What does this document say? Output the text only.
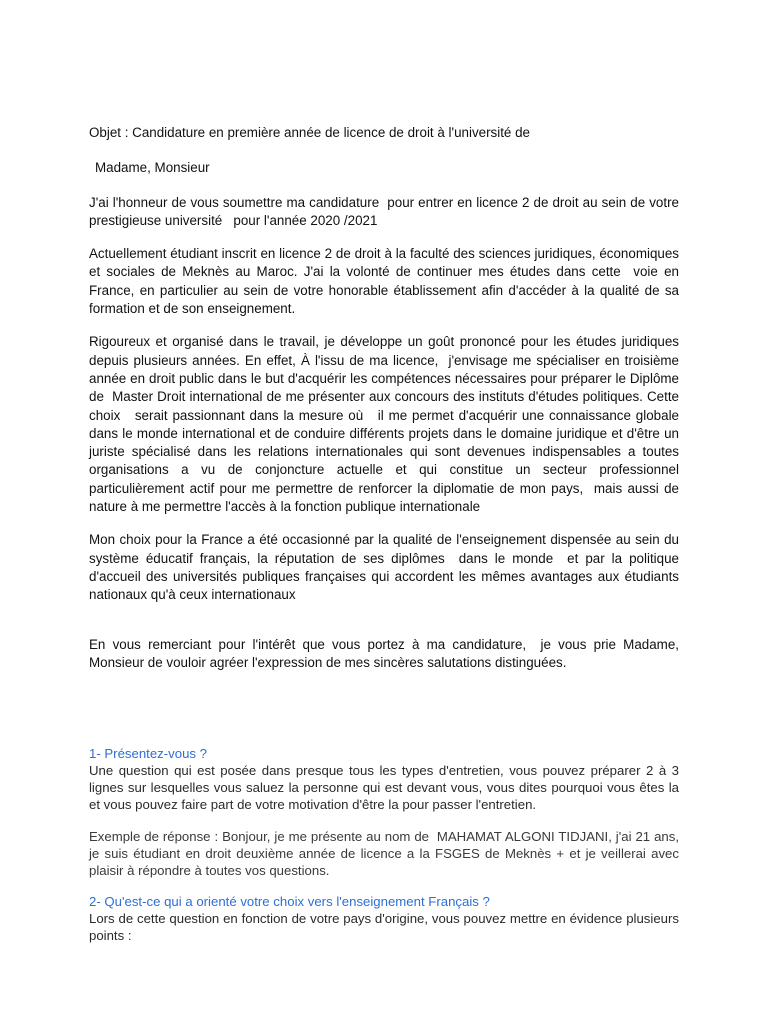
Objet : Candidature en première année de licence de droit à l'université de

Madame, Monsieur

J'ai l'honneur de vous soumettre ma candidature  pour entrer en licence 2 de droit au sein de votre prestigieuse université   pour l'année 2020 /2021

Actuellement étudiant inscrit en licence 2 de droit à la faculté des sciences juridiques, économiques et sociales de Meknès au Maroc. J'ai la volonté de continuer mes études dans cette  voie en France, en particulier au sein de votre honorable établissement afin d'accéder à la qualité de sa formation et de son enseignement.

Rigoureux et organisé dans le travail, je développe un goût prononcé pour les études juridiques depuis plusieurs années. En effet, À l'issu de ma licence,  j'envisage me spécialiser en troisième année en droit public dans le but d'acquérir les compétences nécessaires pour préparer le Diplôme de  Master Droit international de me présenter aux concours des instituts d'études politiques. Cette choix   serait passionnant dans la mesure où   il me permet d'acquérir une connaissance globale dans le monde international et de conduire différents projets dans le domaine juridique et d'être un juriste spécialisé dans les relations internationales qui sont devenues indispensables a toutes organisations a vu de conjoncture actuelle et qui constitue un secteur professionnel particulièrement actif pour me permettre de renforcer la diplomatie de mon pays,  mais aussi de nature à me permettre l'accès à la fonction publique internationale

Mon choix pour la France a été occasionné par la qualité de l'enseignement dispensée au sein du système éducatif français, la réputation de ses diplômes  dans le monde  et par la politique d'accueil des universités publiques françaises qui accordent les mêmes avantages aux étudiants nationaux qu'à ceux internationaux

En vous remerciant pour l'intérêt que vous portez à ma candidature,  je vous prie Madame, Monsieur de vouloir agréer l'expression de mes sincères salutations distinguées.

1- Présentez-vous ?

Une question qui est posée dans presque tous les types d'entretien, vous pouvez préparer 2 à 3 lignes sur lesquelles vous saluez la personne qui est devant vous, vous dites pourquoi vous êtes la et vous pouvez faire part de votre motivation d'être la pour passer l'entretien.

Exemple de réponse : Bonjour, je me présente au nom de  MAHAMAT ALGONI TIDJANI, j'ai 21 ans, je suis étudiant en droit deuxième année de licence a la FSGES de Meknès + et je veillerai avec plaisir à répondre à toutes vos questions.

2- Qu'est-ce qui a orienté votre choix vers l'enseignement Français ?

Lors de cette question en fonction de votre pays d'origine, vous pouvez mettre en évidence plusieurs points :
